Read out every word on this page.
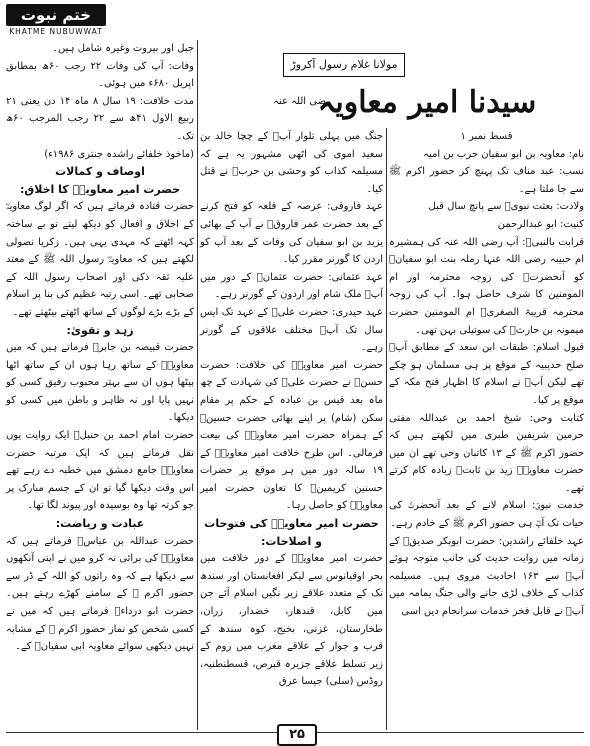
ختم نبوت
KHATME NUBUWWAT
مولانا غلام رسول آکروڑ
سیدنا امیر معاویہ
رضی اللہ عنہ

جبل اور بیروت وغیرہ شامل ہیں۔

وفات: آپ کی وفات ۲۲ رجب ۶۰ھ بمطابق اپریل ۶۸۰ء میں ہوئی۔

مدت خلافت: ۱۹ سال ۸ ماہ ۱۴ دن یعنی ۲۱ ربیع الاول ۴۱ھ سے ۲۲ رجب المرجب ۶۰ھ تک۔

(ماخوذ خلفائے راشدہ جنتری ۱۹۸۶ء)

اوصاف و کمالات

حضرت امیر معاویہؓ کا اخلاق:

حضرت قتادہ فرماتے ہیں کہ اگر لوگ معاویہؓ کے اخلاق و افعال کو دیکھ لیتے تو بے ساختہ کہہ اٹھتے کہ مہدی یہی ہیں۔ زکریا نصولی لکھتے ہیں کہ معاویہؓ رسول اللہ ﷺ کے معتد علیہ ثقہ ذکی اور اصحاب رسول اللہ کے صحابی تھے۔ اسی رتبہ عظیم کی بنا پر اسلام کے بڑے بڑے لوگوں کے ساتھ اٹھتے بیٹھتے تھے۔

زہد و تقویٰ:

حضرت قبیصہ بن جابرؓ فرماتے ہیں کہ میں معاویہؓ کے ساتھ رہا ہوں ان کے ساتھ اٹھا بیٹھا ہوں ان سے بہتر محبوب رفیق کسی کو نہیں پایا اور نہ ظاہر و باطن میں کسی کو دیکھا۔

حضرت امام احمد بن حنبلؒ ایک روایت یوں نقل فرماتے ہیں کہ ایک مرتبہ حضرت معاویہؓ جامع دمشق میں خطبہ دے رہے تھے اس وقت دیکھا گیا تو ان کے جسم مبارک پر جو کرتہ تھا وہ بوسیدہ اور پیوند لگا تھا۔

عبادت و ریاضت:

حضرت عبداللہ بن عباسؓ فرماتے ہیں کہ معاویہؓ کی برائی نہ کرو میں نے اپنی آنکھوں سے دیکھا ہے کہ وہ راتوں کو اللہ کے ڈر سے حضور اکرم ﷺ کے سامنے کھڑے رہتے ہیں۔ حضرت ابو درداءؓ فرماتے ہیں کہ میں نے کسی شخص کو نماز حضور اکرم ﷺ کے مشابہ نہیں دیکھی سوائے معاویہ ابی سفیانؓ کے۔

جنگ میں پہلی تلوار آپؓ کے چچا خالد بن سعید اموی کی اٹھی مشہور یہ ہے کہ مسیلمہ کذاب کو وحشی بن حربؓ نے قتل کیا۔

عہد فاروقی: عرصہ کے قلعہ کو فتح کرنے کے بعد حضرت عمر فاروقؓ نے آپ کے بھائی یزید بن ابو سفیان کی وفات کے بعد آپ کو اردن کا گورنر مقرر کیا۔

عہد عثمانی: حضرت عثمانؓ کے دور میں آپؓ ملک شام اور اردون کے گورنر رہے۔

عہد حیدری: حضرت علیؓ کے عہد تک ایس سال تک آپؓ مختلف علاقوں کے گورنر رہے۔

حضرت امیر معاویہؓ کی خلافت: حضرت حسنؓ نے حضرت علیؓ کی شہادت کے چھ ماہ بعد قیس بن عبادہ کے حکم پر مقام سکن (شام) پر اپنے بھائی حضرت حسینؓ کے ہمراہ حضرت امیر معاویہؓ کی بیعت فرمالی۔ اس طرح خلافت امیر معاویہؓ کے ۱۹ سالہ دور میں ہر موقع پر حضرات حسنین کریمینؓ کا تعاون حضرت امیر معاویہؓ کو حاصل رہا۔

حضرت امیر معاویہؓ کی فتوحات و اصلاحات:

حضرت امیر معاویہؓ کے دور خلافت میں بحر اوقیانوس سے لیکر افغانستان اور سندھ تک کے متعدد علاقے زیر نگیں اسلام آئے جن میں کابل، قندھار، خضدار، زران، طخارستان، غزنی، بخیج، کوہ سندھ کے قرب و جوار کے علاقے مغرب میں روم کے زیر تسلط علاقے جزیرہ قبرص، قسطنطنیہ، روڈس (سلی) جیسا عرق

قسط نمبر ۱

نام: معاویہ بن ابو سفیان حرب بن امیہ

نسب: عبد مناف تک پہنچ کر حضور اکرم ﷺ سے جا ملتا ہے۔

ولادت: بعثت نبویؐ سے پانچ سال قبل

کنیت: ابو عبدالرحمن

قرابت بالنبیؐ: آپ رضی اللہ عنہ کی ہمشیرہ ام حبیبہ رضی اللہ عنہا رملہ بنت ابو سفیانؓ کو آنحضرتؐ کی زوجہ محترمہ اور ام المومنین کا شرف حاصل ہوا۔ آپ کی زوجہ محترمہ قریبۃ الصغریؓ ام المومنین حضرت میمونہ بن حارثؓ کی سوتیلی بہن تھی۔

قبول اسلام: طبقات ابن سعد کے مطابق آپؓ صلح حدیبیہ کے موقع پر ہی مسلمان ہو چکے تھے لیکن آپؓ نے اسلام کا اظہار فتح مکہ کے موقع پر کیا۔

کتابت وحی: شیخ احمد بن عبداللہ مفتی حرمین شریفین طبری میں لکھتے ہیں کہ حضور اکرم ﷺ کے ۱۳ کاتبان وحی تھے ان میں حضرت معاویہؓ زید بن ثابتؓ زیادہ کام کرتے تھے۔

خدمت نبویؐ: اسلام لانے کے بعد آنحضرتؐ کی حیات تک آپؓ ہی حضور اکرم ﷺ کے خادم رہے۔

عہد خلفائے راشدین: حضرت ابوبکر صدیقؓ کے زمانہ میں روایت حدیث کی جانب متوجہ ہوئے آپؓ سے ۱۶۳ احادیث مروی ہیں۔ مسیلمہ کذاب کے خلاف لڑی جانے والی جنگ یمامہ میں آپؓ نے قابل فخر خدمات سرانجام دیں اسی

۲۵
